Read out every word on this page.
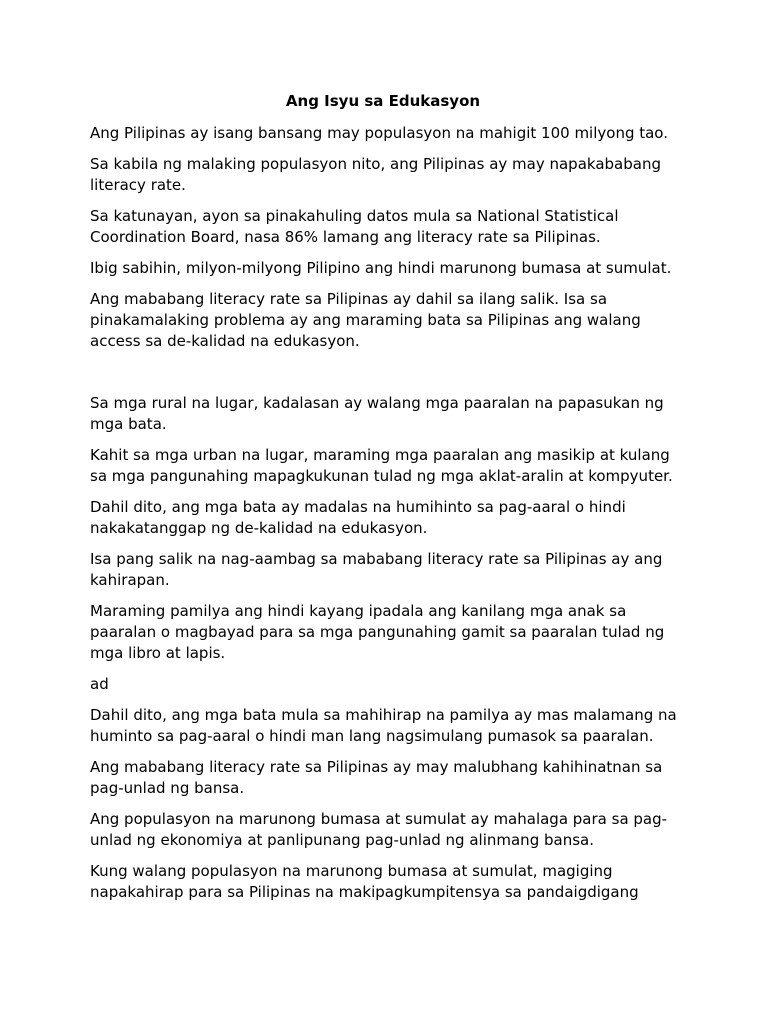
Ang Isyu sa Edukasyon

Ang Pilipinas ay isang bansang may populasyon na mahigit 100 milyong tao.

Sa kabila ng malaking populasyon nito, ang Pilipinas ay may napakababang literacy rate.

Sa katunayan, ayon sa pinakahuling datos mula sa National Statistical Coordination Board, nasa 86% lamang ang literacy rate sa Pilipinas.

Ibig sabihin, milyon-milyong Pilipino ang hindi marunong bumasa at sumulat.

Ang mababang literacy rate sa Pilipinas ay dahil sa ilang salik. Isa sa pinakamalaking problema ay ang maraming bata sa Pilipinas ang walang access sa de-kalidad na edukasyon.

Sa mga rural na lugar, kadalasan ay walang mga paaralan na papasukan ng mga bata.

Kahit sa mga urban na lugar, maraming mga paaralan ang masikip at kulang sa mga pangunahing mapagkukunan tulad ng mga aklat-aralin at kompyuter.

Dahil dito, ang mga bata ay madalas na humihinto sa pag-aaral o hindi nakakatanggap ng de-kalidad na edukasyon.

Isa pang salik na nag-aambag sa mababang literacy rate sa Pilipinas ay ang kahirapan.

Maraming pamilya ang hindi kayang ipadala ang kanilang mga anak sa paaralan o magbayad para sa mga pangunahing gamit sa paaralan tulad ng mga libro at lapis.

ad

Dahil dito, ang mga bata mula sa mahihirap na pamilya ay mas malamang na huminto sa pag-aaral o hindi man lang nagsimulang pumasok sa paaralan.

Ang mababang literacy rate sa Pilipinas ay may malubhang kahihinatnan sa pag-unlad ng bansa.

Ang populasyon na marunong bumasa at sumulat ay mahalaga para sa pag-unlad ng ekonomiya at panlipunang pag-unlad ng alinmang bansa.

Kung walang populasyon na marunong bumasa at sumulat, magiging napakahirap para sa Pilipinas na makipagkumpitensya sa pandaigdigang
